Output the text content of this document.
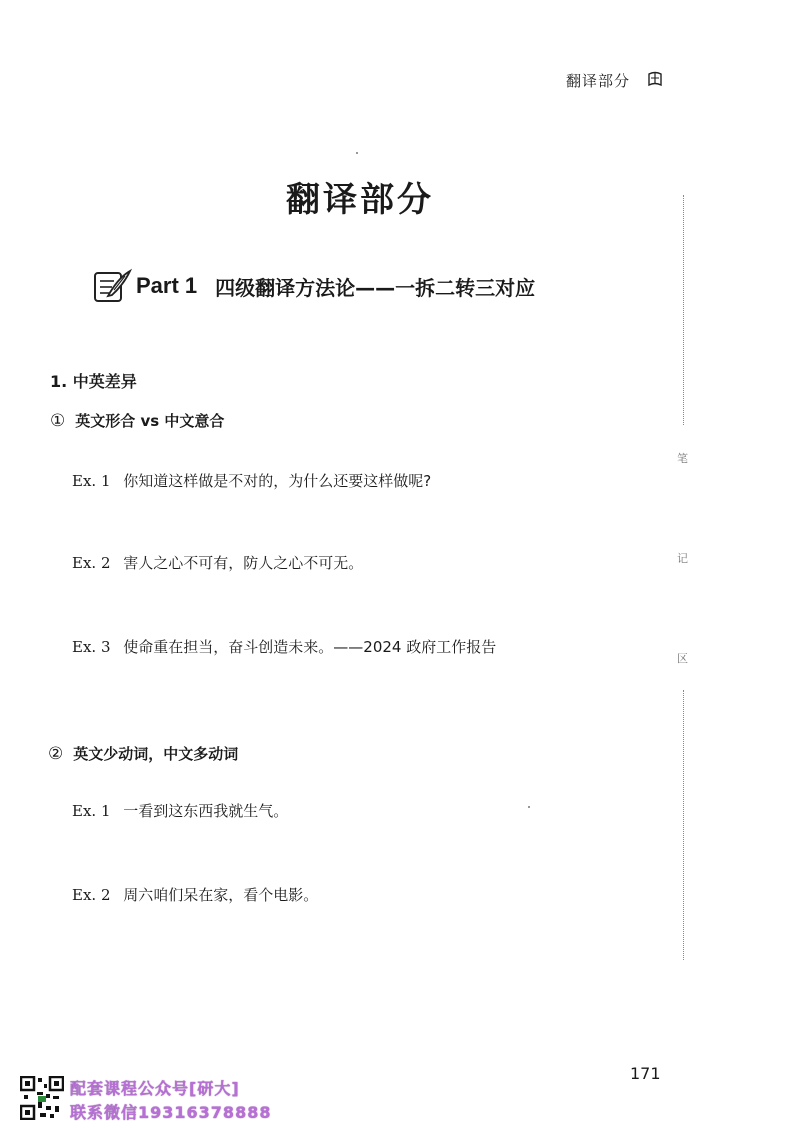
翻译部分
翻译部分
Part 1 四级翻译方法论——一拆二转三对应
1. 中英差异
① 英文形合 vs 中文意合
Ex. 1 你知道这样做是不对的，为什么还要这样做呢?
Ex. 2 害人之心不可有，防人之心不可无。
Ex. 3 使命重在担当，奋斗创造未来。——2024 政府工作报告
② 英文少动词，中文多动词
Ex. 1 一看到这东西我就生气。
Ex. 2 周六咱们呆在家，看个电影。
笔
记
区
171
配套课程公众号[研大]
联系微信19316378888
